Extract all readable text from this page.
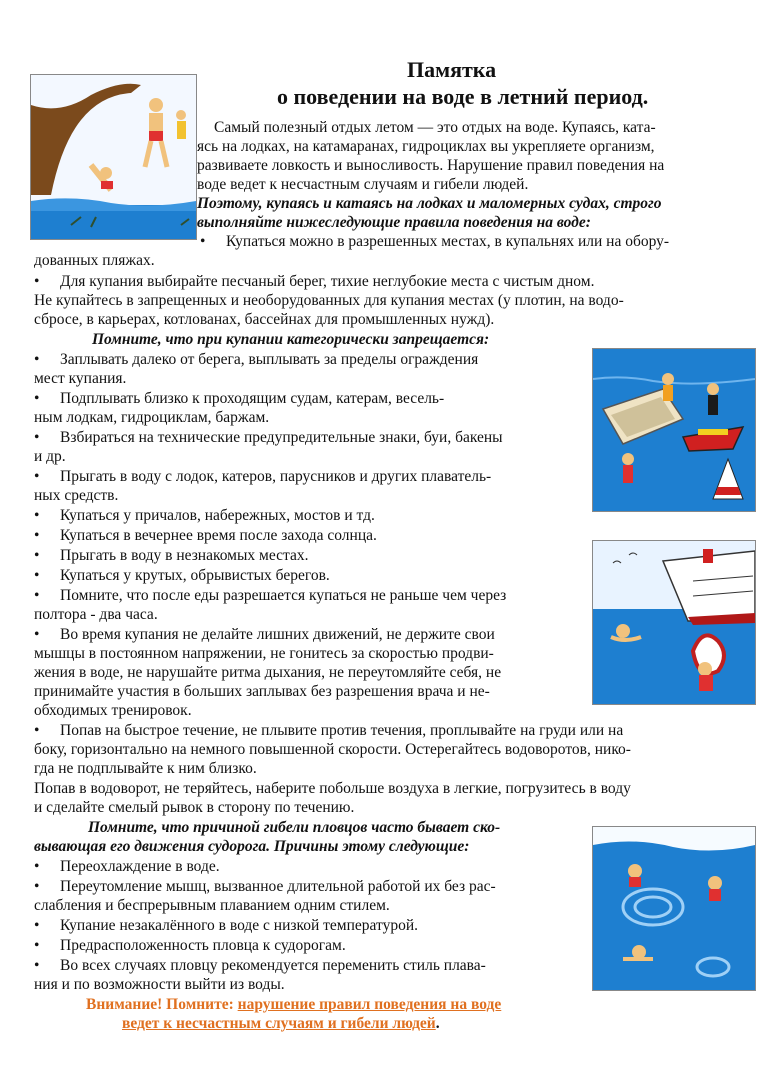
Памятка
о поведении на воде в летний период.
Самый полезный отдых летом — это отдых на воде. Купаясь, ката-
ясь на лодках, на катамаранах, гидроциклах вы укрепляете организм,
развиваете ловкость и выносливость. Нарушение правил поведения на
воде ведет к несчастным случаям и гибели людей.
Поэтому, купаясь и катаясь на лодках и маломерных судах, строго
выполняйте нижеследующие правила поведения на воде:
• Купаться можно в разрешенных местах, в купальнях или на обору-
дованных пляжах.
• Для купания выбирайте песчаный берег, тихие неглубокие места с чистым дном.
Не купайтесь в запрещенных и необорудованных для купания местах (у плотин, на водо-
сбросе, в карьерах, котлованах, бассейнах для промышленных нужд).
Помните, что при купании категорически запрещается:
• Заплывать далеко от берега, выплывать за пределы ограждения
мест купания.
• Подплывать близко к проходящим судам, катерам, весель-
ным лодкам, гидроциклам, баржам.
• Взбираться на технические предупредительные знаки, буи, бакены
и др.
• Прыгать в воду с лодок, катеров, парусников и других плаватель-
ных средств.
• Купаться у причалов, набережных, мостов и тд.
• Купаться в вечернее время после захода солнца.
• Прыгать в воду в незнакомых местах.
• Купаться у крутых, обрывистых берегов.
• Помните, что после еды разрешается купаться не раньше чем через
полтора - два часа.
• Во время купания не делайте лишних движений, не держите свои
мышцы в постоянном напряжении, не гонитесь за скоростью продви-
жения в воде, не нарушайте ритма дыхания, не переутомляйте себя, не
принимайте участия в больших заплывах без разрешения врача и не-
обходимых тренировок.
• Попав на быстрое течение, не плывите против течения, проплывайте на груди или на
боку, горизонтально на немного повышенной скорости. Остерегайтесь водоворотов, нико-
гда не подплывайте к ним близко.
Попав в водоворот, не теряйтесь, наберите побольше воздуха в легкие, погрузитесь в воду
и сделайте смелый рывок в сторону по течению.
Помните, что причиной гибели пловцов часто бывает ско-
вывающая его движения судорога. Причины этому следующие:
• Переохлаждение в воде.
• Переутомление мышц, вызванное длительной работой их без рас-
слабления и беспрерывным плаванием одним стилем.
• Купание незакалённого в воде с низкой температурой.
• Предрасположенность пловца к судорогам.
• Во всех случаях пловцу рекомендуется переменить стиль плава-
ния и по возможности выйти из воды.
Внимание! Помните: нарушение правил поведения на воде
ведет к несчастным случаям и гибели людей.
